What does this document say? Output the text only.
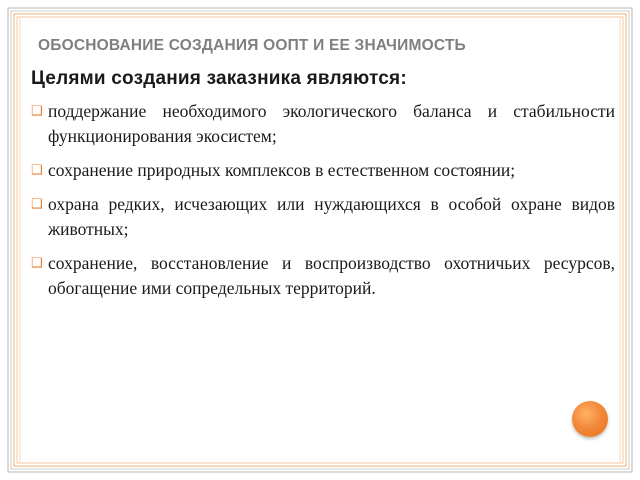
ОБОСНОВАНИЕ СОЗДАНИЯ ООПТ И ЕЕ ЗНАЧИМОСТЬ
Целями создания заказника являются:
❑ поддержание необходимого экологического баланса и стабильности функционирования экосистем;
❑ сохранение природных комплексов в естественном состоянии;
❑ охрана редких, исчезающих или нуждающихся в особой охране видов животных;
❑ сохранение, восстановление и воспроизводство охотничьих ресурсов, обогащение ими сопредельных территорий.
